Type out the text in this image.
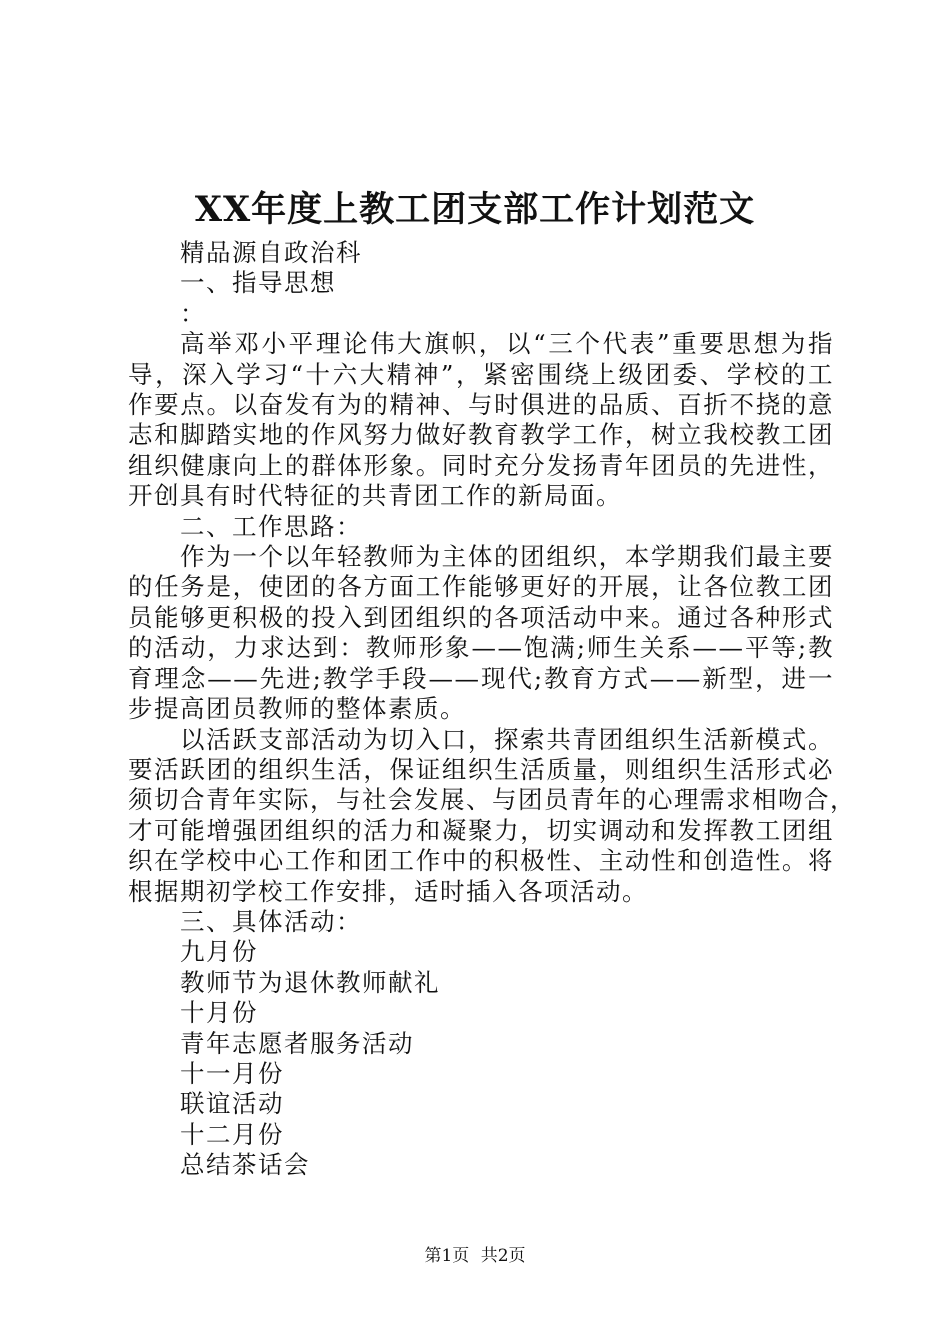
XX年度上教工团支部工作计划范文

精品源自政治科

一、指导思想

：

高举邓小平理论伟大旗帜，以“三个代表”重要思想为指

导，深入学习“十六大精神”，紧密围绕上级团委、学校的工

作要点。以奋发有为的精神、与时俱进的品质、百折不挠的意

志和脚踏实地的作风努力做好教育教学工作，树立我校教工团

组织健康向上的群体形象。同时充分发扬青年团员的先进性，

开创具有时代特征的共青团工作的新局面。

二、工作思路：

作为一个以年轻教师为主体的团组织，本学期我们最主要

的任务是，使团的各方面工作能够更好的开展，让各位教工团

员能够更积极的投入到团组织的各项活动中来。通过各种形式

的活动，力求达到：教师形象——饱满;师生关系——平等;教

育理念——先进;教学手段——现代;教育方式——新型，进一

步提高团员教师的整体素质。

以活跃支部活动为切入口，探索共青团组织生活新模式。

要活跃团的组织生活，保证组织生活质量，则组织生活形式必

须切合青年实际，与社会发展、与团员青年的心理需求相吻合，

才可能增强团组织的活力和凝聚力，切实调动和发挥教工团组

织在学校中心工作和团工作中的积极性、主动性和创造性。将

根据期初学校工作安排，适时插入各项活动。

三、具体活动：

九月份

教师节为退休教师献礼

十月份

青年志愿者服务活动

十一月份

联谊活动

十二月份

总结茶话会

第1页 共2页
